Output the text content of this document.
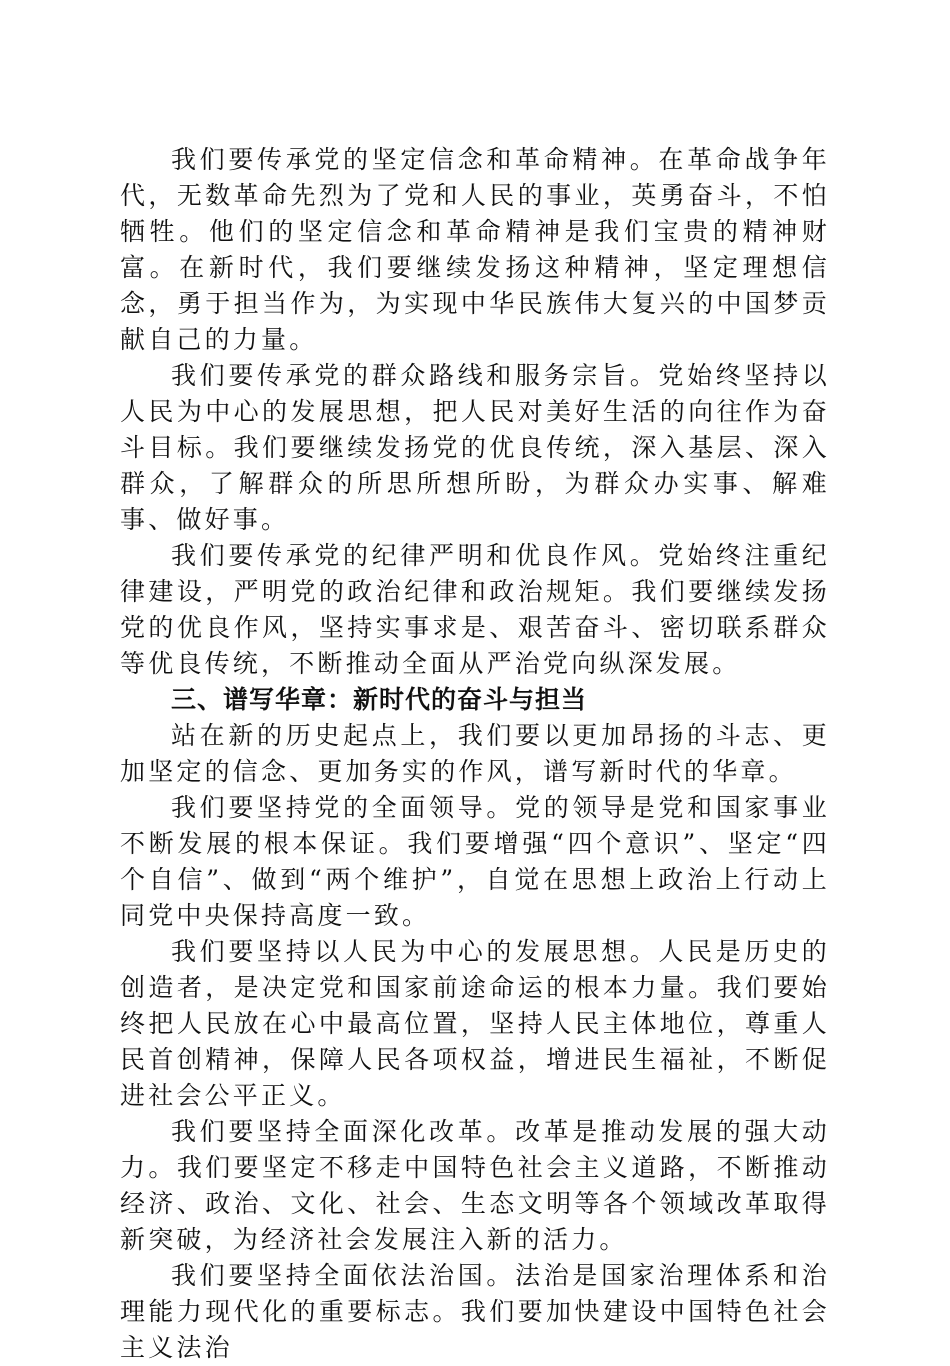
我们要传承党的坚定信念和革命精神。在革命战争年代，无数革命先烈为了党和人民的事业，英勇奋斗，不怕牺牲。他们的坚定信念和革命精神是我们宝贵的精神财富。在新时代，我们要继续发扬这种精神，坚定理想信念，勇于担当作为，为实现中华民族伟大复兴的中国梦贡献自己的力量。

我们要传承党的群众路线和服务宗旨。党始终坚持以人民为中心的发展思想，把人民对美好生活的向往作为奋斗目标。我们要继续发扬党的优良传统，深入基层、深入群众，了解群众的所思所想所盼，为群众办实事、解难事、做好事。

我们要传承党的纪律严明和优良作风。党始终注重纪律建设，严明党的政治纪律和政治规矩。我们要继续发扬党的优良作风，坚持实事求是、艰苦奋斗、密切联系群众等优良传统，不断推动全面从严治党向纵深发展。

三、谱写华章：新时代的奋斗与担当

站在新的历史起点上，我们要以更加昂扬的斗志、更加坚定的信念、更加务实的作风，谱写新时代的华章。

我们要坚持党的全面领导。党的领导是党和国家事业不断发展的根本保证。我们要增强“四个意识”、坚定“四个自信”、做到“两个维护”，自觉在思想上政治上行动上同党中央保持高度一致。

我们要坚持以人民为中心的发展思想。人民是历史的创造者，是决定党和国家前途命运的根本力量。我们要始终把人民放在心中最高位置，坚持人民主体地位，尊重人民首创精神，保障人民各项权益，增进民生福祉，不断促进社会公平正义。

我们要坚持全面深化改革。改革是推动发展的强大动力。我们要坚定不移走中国特色社会主义道路，不断推动经济、政治、文化、社会、生态文明等各个领域改革取得新突破，为经济社会发展注入新的活力。

我们要坚持全面依法治国。法治是国家治理体系和治理能力现代化的重要标志。我们要加快建设中国特色社会主义法治
